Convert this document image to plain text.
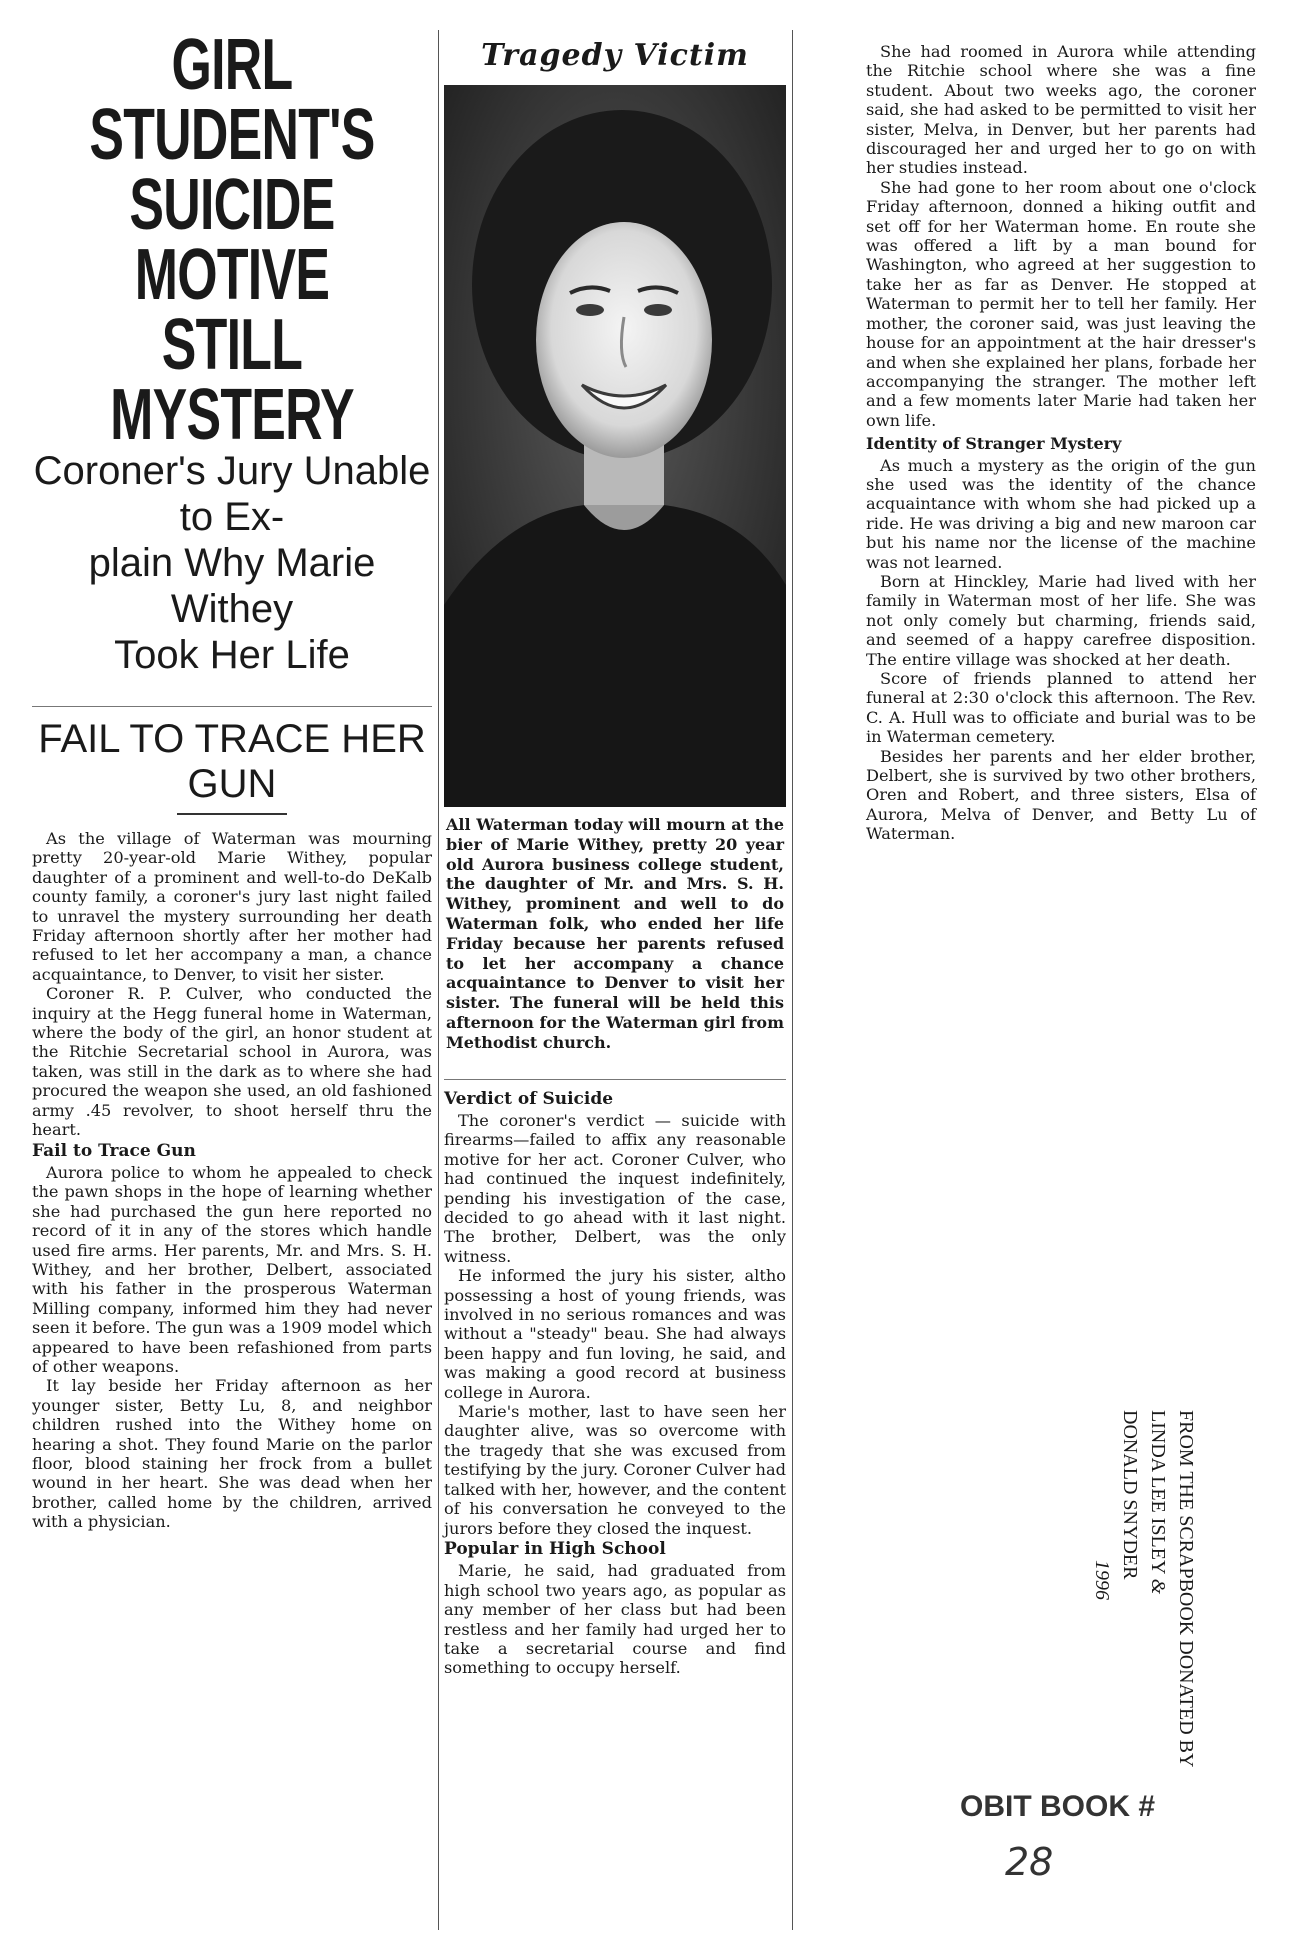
GIRL STUDENT'S
SUICIDE MOTIVE
STILL MYSTERY
Coroner's Jury Unable to Ex-
plain Why Marie Withey
Took Her Life
FAIL TO TRACE HER GUN

As the village of Waterman was mourning pretty 20-year-old Marie Withey, popular daughter of a prominent and well-to-do DeKalb county family, a coroner's jury last night failed to unravel the mystery surrounding her death Friday afternoon shortly after her mother had refused to let her accompany a man, a chance acquaintance, to Denver, to visit her sister.

Coroner R. P. Culver, who conducted the inquiry at the Hegg funeral home in Waterman, where the body of the girl, an honor student at the Ritchie Secretarial school in Aurora, was taken, was still in the dark as to where she had procured the weapon she used, an old fashioned army .45 revolver, to shoot herself thru the heart.

Fail to Trace Gun

Aurora police to whom he appealed to check the pawn shops in the hope of learning whether she had purchased the gun here reported no record of it in any of the stores which handle used fire arms. Her parents, Mr. and Mrs. S. H. Withey, and her brother, Delbert, associated with his father in the prosperous Waterman Milling company, informed him they had never seen it before. The gun was a 1909 model which appeared to have been refashioned from parts of other weapons.

It lay beside her Friday afternoon as her younger sister, Betty Lu, 8, and neighbor children rushed into the Withey home on hearing a shot. They found Marie on the parlor floor, blood staining her frock from a bullet wound in her heart. She was dead when her brother, called home by the children, arrived with a physician.

Tragedy Victim
All Waterman today will mourn at the bier of Marie Withey, pretty 20 year old Aurora business college student, the daughter of Mr. and Mrs. S. H. Withey, prominent and well to do Waterman folk, who ended her life Friday because her parents refused to let her accompany a chance acquaintance to Denver to visit her sister. The funeral will be held this afternoon for the Waterman girl from Methodist church.
Verdict of Suicide

The coroner's verdict — suicide with firearms—failed to affix any reasonable motive for her act. Coroner Culver, who had continued the inquest indefinitely, pending his investigation of the case, decided to go ahead with it last night. The brother, Delbert, was the only witness.

He informed the jury his sister, altho possessing a host of young friends, was involved in no serious romances and was without a "steady" beau. She had always been happy and fun loving, he said, and was making a good record at business college in Aurora.

Marie's mother, last to have seen her daughter alive, was so overcome with the tragedy that she was excused from testifying by the jury. Coroner Culver had talked with her, however, and the content of his conversation he conveyed to the jurors before they closed the inquest.

Popular in High School

Marie, he said, had graduated from high school two years ago, as popular as any member of her class but had been restless and her family had urged her to take a secretarial course and find something to occupy herself.

She had roomed in Aurora while attending the Ritchie school where she was a fine student. About two weeks ago, the coroner said, she had asked to be permitted to visit her sister, Melva, in Denver, but her parents had discouraged her and urged her to go on with her studies instead.

She had gone to her room about one o'clock Friday afternoon, donned a hiking outfit and set off for her Waterman home. En route she was offered a lift by a man bound for Washington, who agreed at her suggestion to take her as far as Denver. He stopped at Waterman to permit her to tell her family. Her mother, the coroner said, was just leaving the house for an appointment at the hair dresser's and when she explained her plans, forbade her accompanying the stranger. The mother left and a few moments later Marie had taken her own life.

Identity of Stranger Mystery

As much a mystery as the origin of the gun she used was the identity of the chance acquaintance with whom she had picked up a ride. He was driving a big and new maroon car but his name nor the license of the machine was not learned.

Born at Hinckley, Marie had lived with her family in Waterman most of her life. She was not only comely but charming, friends said, and seemed of a happy carefree disposition. The entire village was shocked at her death.

Score of friends planned to attend her funeral at 2:30 o'clock this afternoon. The Rev. C. A. Hull was to officiate and burial was to be in Waterman cemetery.

Besides her parents and her elder brother, Delbert, she is survived by two other brothers, Oren and Robert, and three sisters, Elsa of Aurora, Melva of Denver, and Betty Lu of Waterman.

FROM THE SCRAPBOOK DONATED BY
LINDA LEE ISLEY &
DONALD SNYDER
1996
OBIT BOOK #
28
